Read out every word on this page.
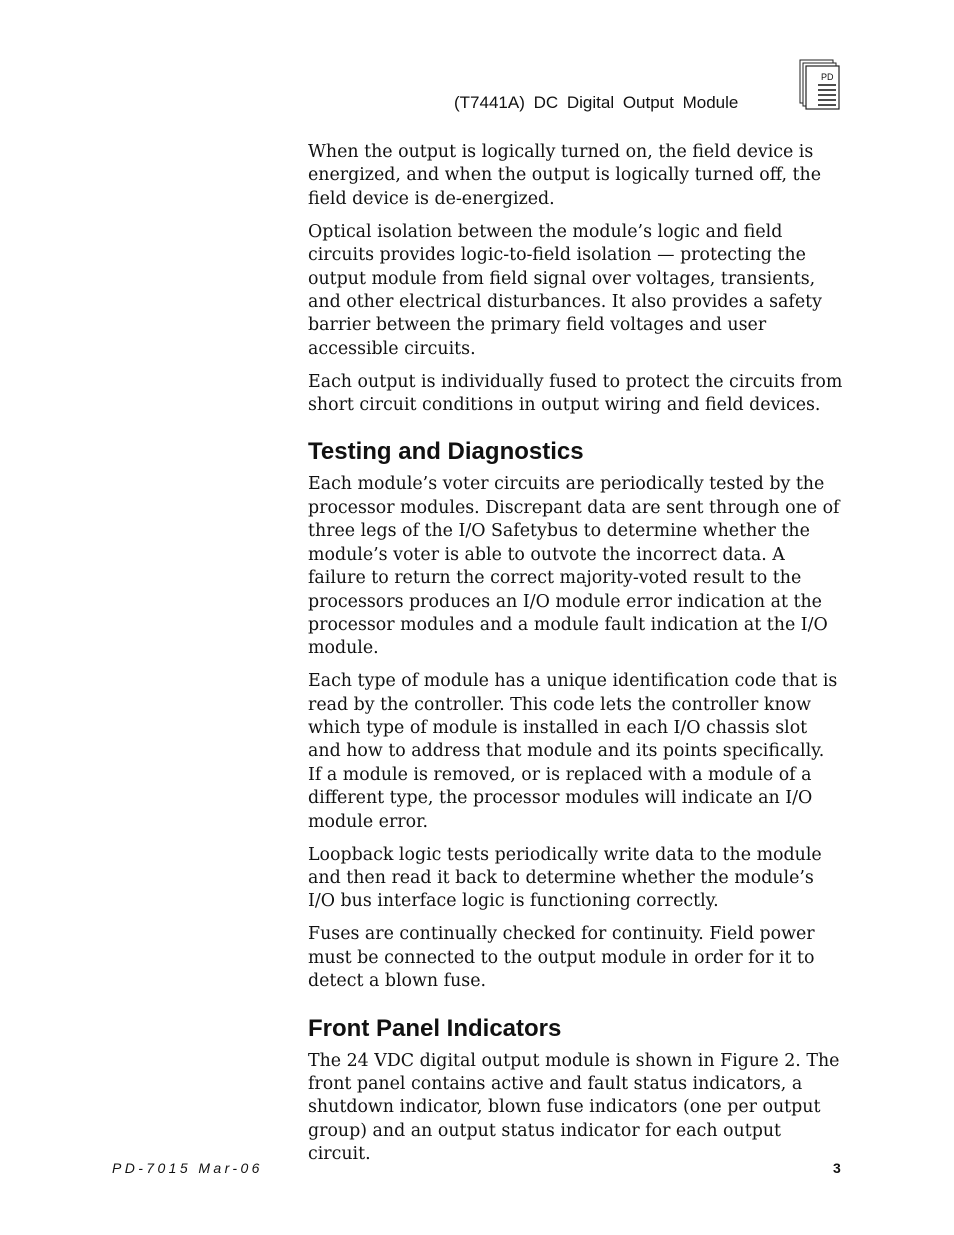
(T7441A) DC Digital Output Module
PD

When the output is logically turned on, the field device is energized, and when the output is logically turned off, the field device is de-energized.

Optical isolation between the module’s logic and field circuits provides logic-to-field isolation — protecting the output module from field signal over voltages, transients, and other electrical disturbances. It also provides a safety barrier between the primary field voltages and user accessible circuits.

Each output is individually fused to protect the circuits from short circuit conditions in output wiring and field devices.

Testing and Diagnostics

Each module’s voter circuits are periodically tested by the processor modules. Discrepant data are sent through one of three legs of the I/O Safetybus to determine whether the module’s voter is able to outvote the incorrect data. A failure to return the correct majority-voted result to the processors produces an I/O module error indication at the processor modules and a module fault indication at the I/O module.

Each type of module has a unique identification code that is read by the controller. This code lets the controller know which type of module is installed in each I/O chassis slot and how to address that module and its points specifically. If a module is removed, or is replaced with a module of a different type, the processor modules will indicate an I/O module error.

Loopback logic tests periodically write data to the module and then read it back to determine whether the module’s I/O bus interface logic is functioning correctly.

Fuses are continually checked for continuity. Field power must be connected to the output module in order for it to detect a blown fuse.

Front Panel Indicators

The 24 VDC digital output module is shown in Figure 2. The front panel contains active and fault status indicators, a shutdown indicator, blown fuse indicators (one per output group) and an output status indicator for each output circuit.

PD-7015 Mar-06	3
